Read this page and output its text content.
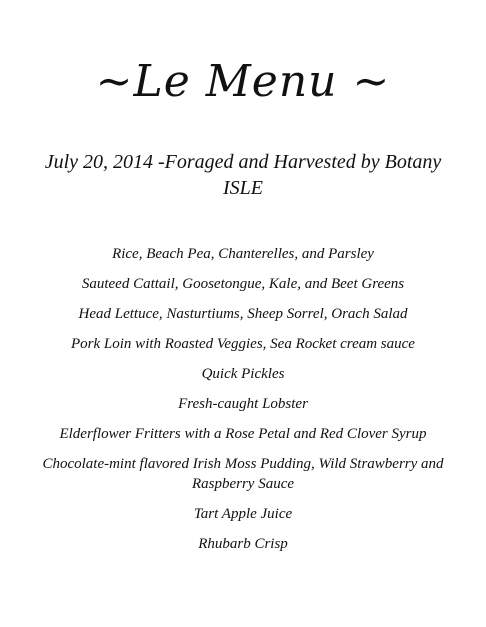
~Le Menu ~
July 20, 2014 -Foraged and Harvested by Botany ISLE
Rice, Beach Pea, Chanterelles, and Parsley
Sauteed Cattail, Goosetongue, Kale, and Beet Greens
Head Lettuce, Nasturtiums, Sheep Sorrel, Orach Salad
Pork Loin with Roasted Veggies, Sea Rocket cream sauce
Quick Pickles
Fresh-caught Lobster
Elderflower Fritters with a Rose Petal and Red Clover Syrup
Chocolate-mint flavored Irish Moss Pudding, Wild Strawberry and Raspberry Sauce
Tart Apple Juice
Rhubarb Crisp
